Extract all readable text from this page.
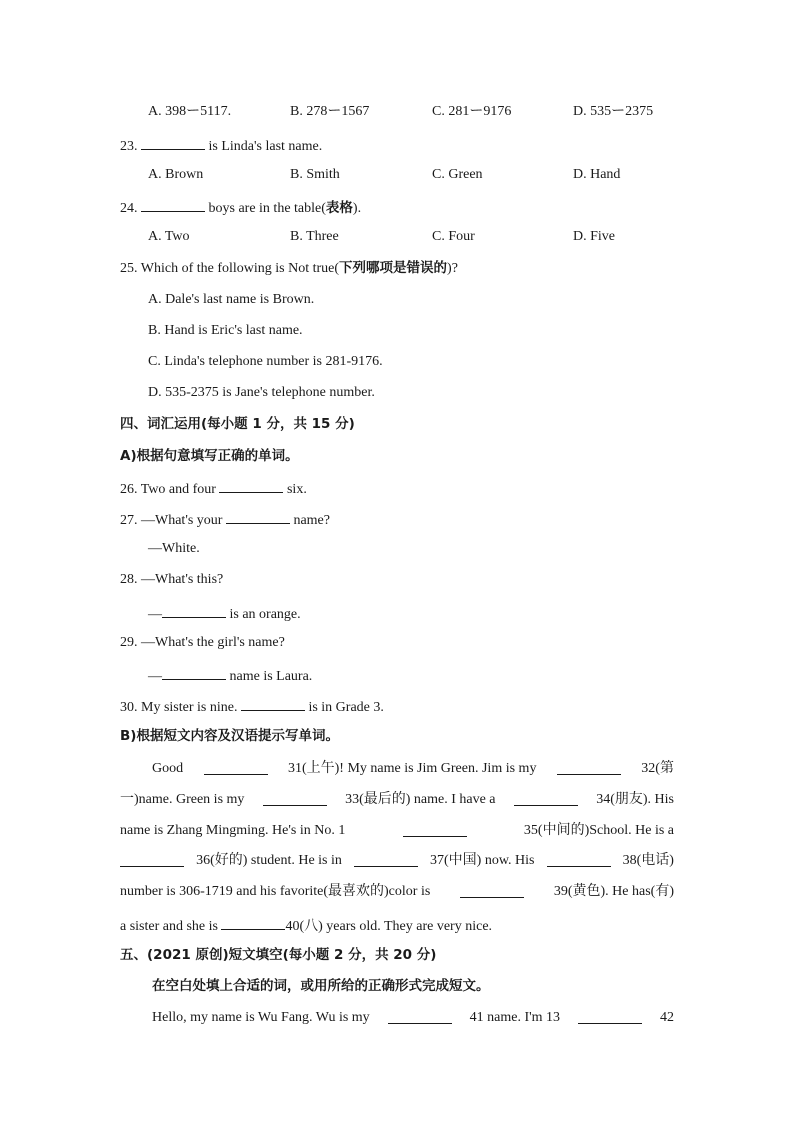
A. 398ー5117.	B. 278ー1567	C. 281ー9176	D. 535ー2375
23.	is Linda's last name.
A. Brown	B. Smith	C. Green	D. Hand
24.	boys are in the table(表格).
A. Two	B. Three	C. Four	D. Five
25. Which of the following is Not true(下列哪项是错误的)?
A. Dale's last name is Brown.
B. Hand is Eric's last name.
C. Linda's telephone number is 281-9176.
D. 535-2375 is Jane's telephone number.
四、词汇运用(每小题 1 分，共 15 分)
A)根据句意填写正确的单词。
26. Two and four	six.
27. —What's your	name?
—White.
28. —What's this?
—	is an orange.
29. —What's the girl's name?
—	name is Laura.
30. My sister is nine.	is in Grade 3.
B)根据短文内容及汉语提示写单词。
Good	31(上午)! My name is Jim Green. Jim is my	32(第
一)name. Green is my	33(最后的) name. I have a	34(朋友). His
name is Zhang Mingming. He's in No. 1	35(中间的)School. He is a
36(好的) student. He is in	37(中国) now. His	38(电话)
number is 306-1719 and his favorite(最喜欢的)color is	39(黄色). He has(有)
a sister and she is	40(八) years old. They are very nice.
五、(2021 原创)短文填空(每小题 2 分，共 20 分)
在空白处填上合适的词，或用所给的正确形式完成短文。
Hello, my name is Wu Fang. Wu is my	41 name. I'm 13	42
